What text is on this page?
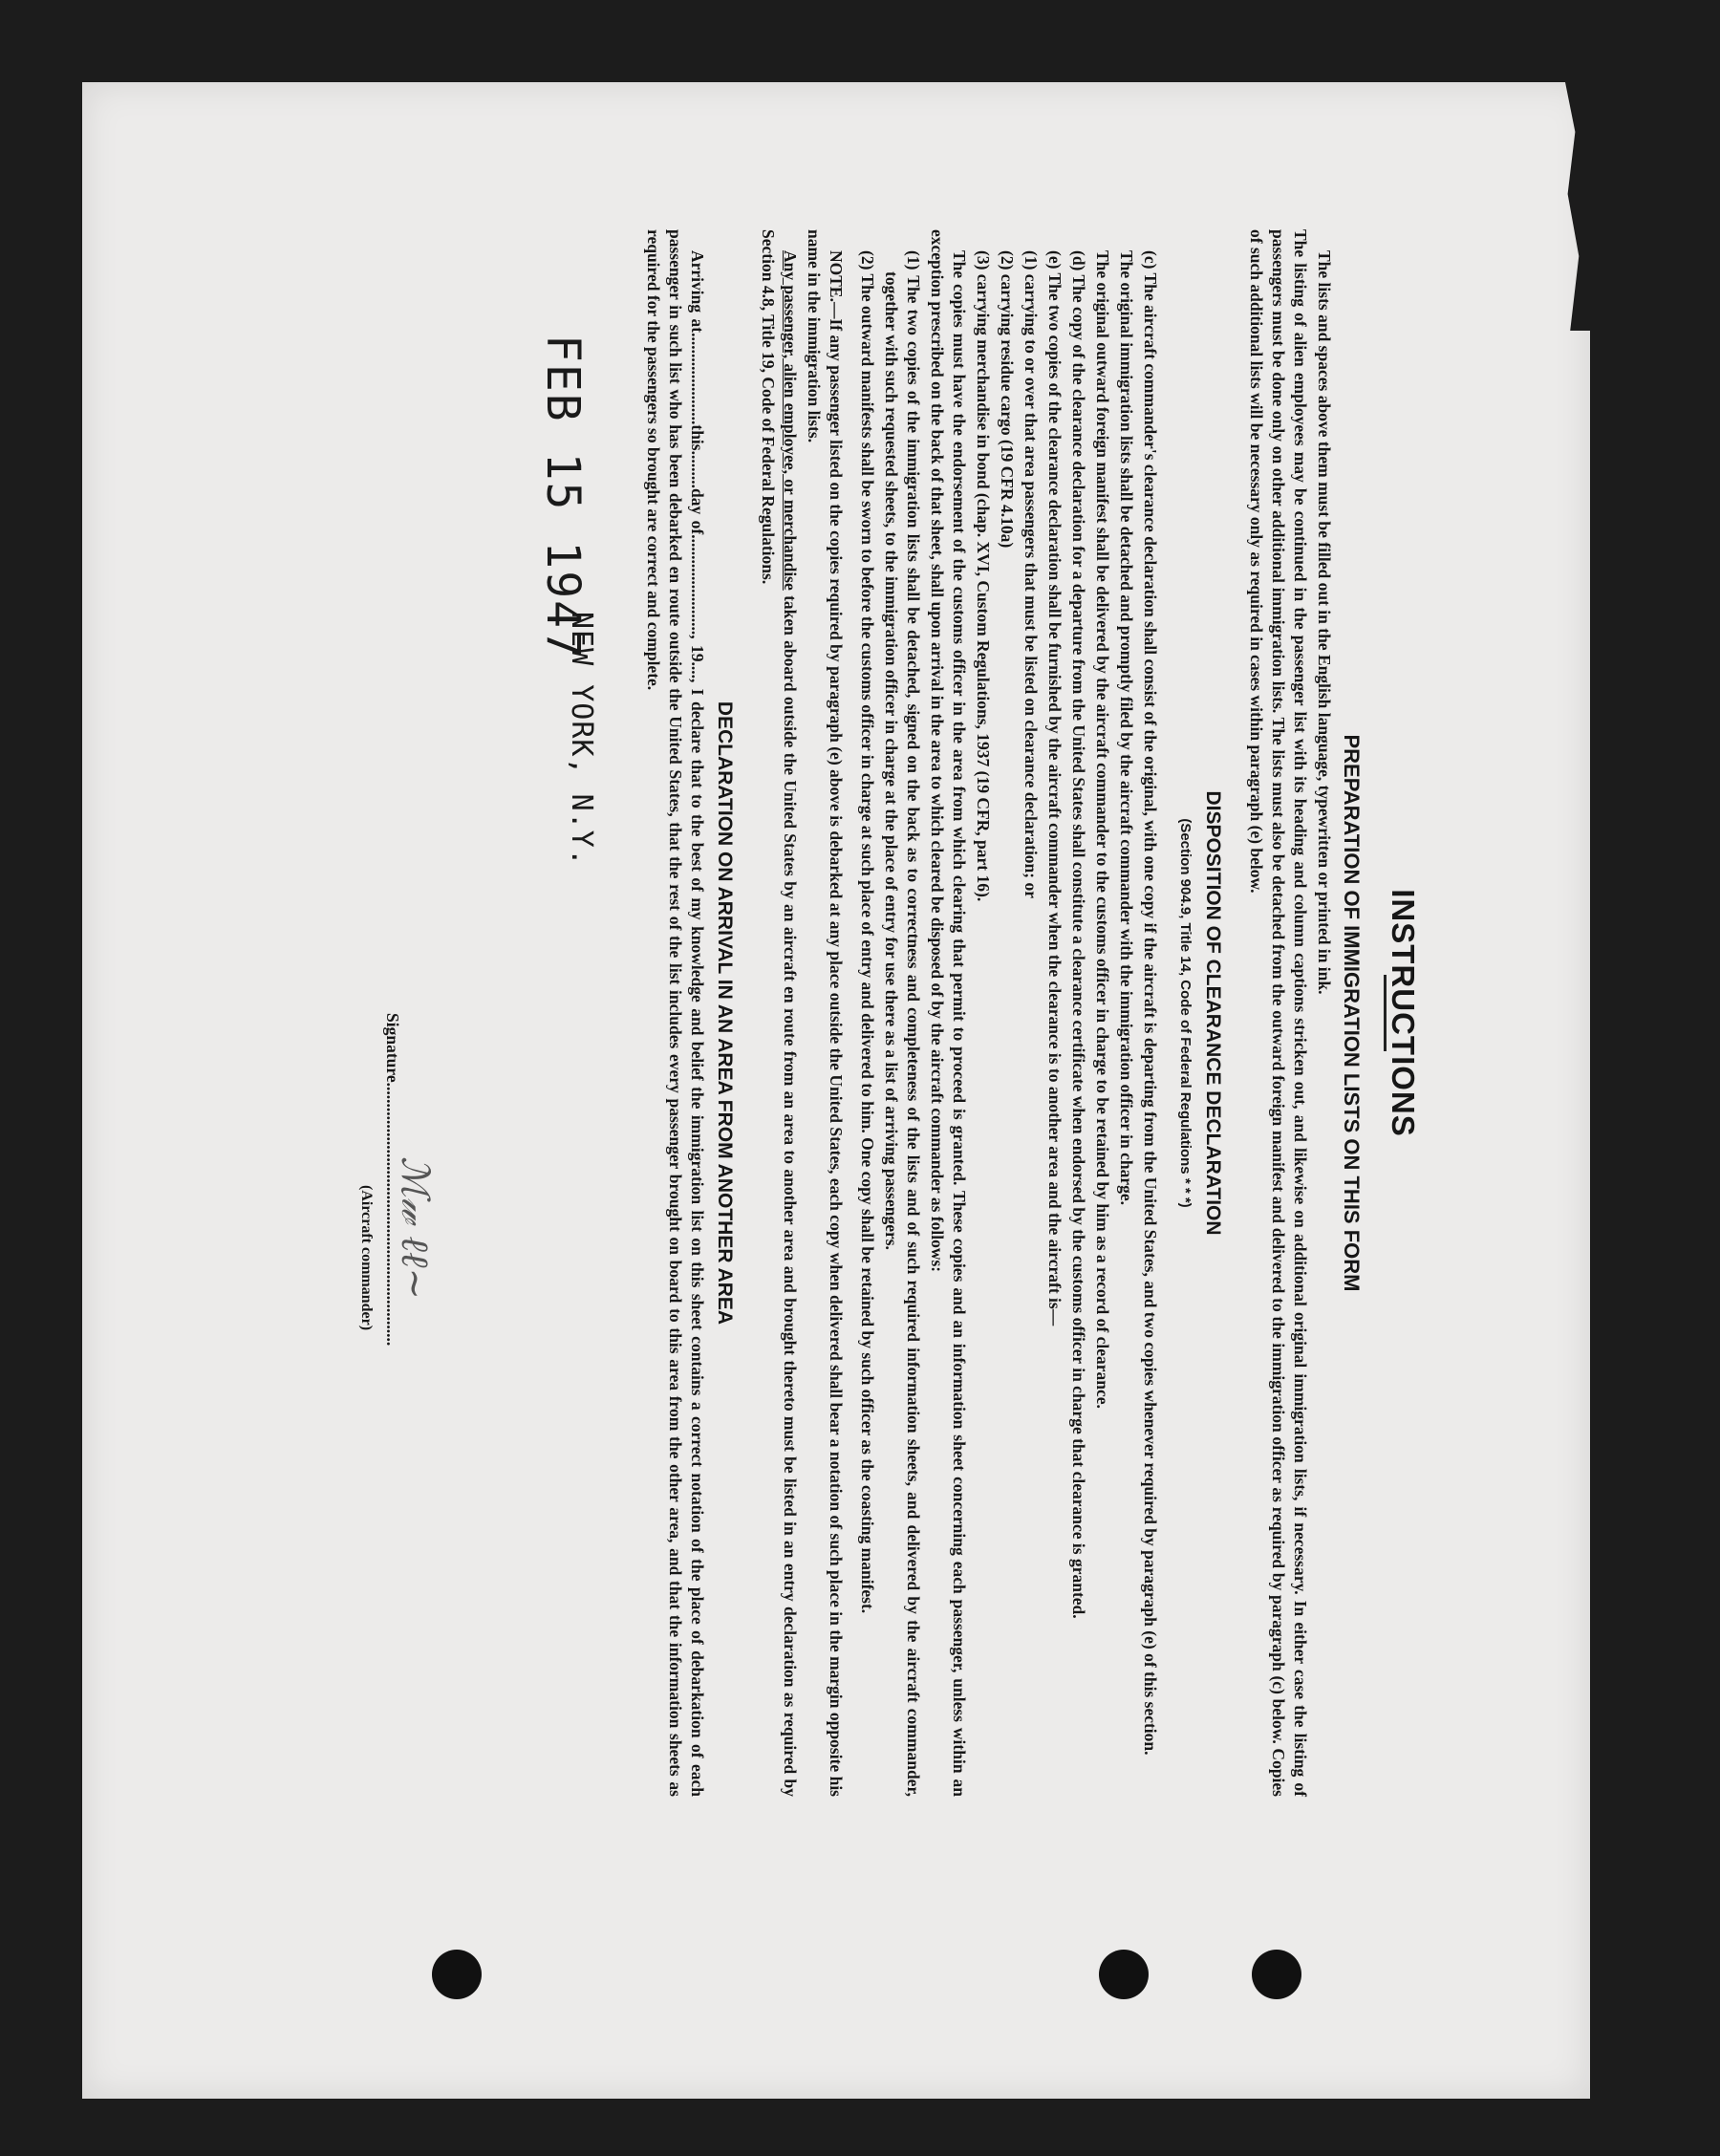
INSTRUCTIONS
PREPARATION OF IMMIGRATION LISTS ON THIS FORM

The lists and spaces above them must be filled out in the English language, typewritten or printed in ink.

The listing of alien employees may be continued in the passenger list with its heading and column captions stricken out, and likewise on additional original immigration lists, if necessary. In either case the listing of passengers must be done only on other additional immigration lists. The lists must also be detached from the outward foreign manifest and delivered to the immigration officer as required by paragraph (c) below. Copies of such additional lists will be necessary only as required in cases within paragraph (e) below.

DISPOSITION OF CLEARANCE DECLARATION
(Section 904.9, Title 14, Code of Federal Regulations * * *)

(c) The aircraft commander's clearance declaration shall consist of the original, with one copy if the aircraft is departing from the United States, and two copies whenever required by paragraph (e) of this section.

The original immigration lists shall be detached and promptly filed by the aircraft commander with the immigration officer in charge.

The original outward foreign manifest shall be delivered by the aircraft commander to the customs officer in charge to be retained by him as a record of clearance.

(d) The copy of the clearance declaration for a departure from the United States shall constitute a clearance certificate when endorsed by the customs officer in charge that clearance is granted.

(e) The two copies of the clearance declaration shall be furnished by the aircraft commander when the clearance is to another area and the aircraft is—

(1) carrying to or over that area passengers that must be listed on clearance declaration; or

(2) carrying residue cargo (19 CFR 4.10a)

(3) carrying merchandise in bond (chap. XVI, Custom Regulations, 1937 (19 CFR, part 16).

The copies must have the endorsement of the customs officer in the area from which clearing that permit to proceed is granted. These copies and an information sheet concerning each passenger, unless within an exception prescribed on the back of that sheet, shall upon arrival in the area to which cleared be disposed of by the aircraft commander as follows:

(1) The two copies of the immigration lists shall be detached, signed on the back as to correctness and completeness of the lists and of such required information sheets, and delivered by the aircraft commander, together with such requested sheets, to the immigration officer in charge at the place of entry for use there as a list of arriving passengers.

(2) The outward manifests shall be sworn to before the customs officer in charge at such place of entry and delivered to him. One copy shall be retained by such officer as the coasting manifest.

NOTE.—If any passenger listed on the copies required by paragraph (e) above is debarked at any place outside the United States, each copy when delivered shall bear a notation of such place in the margin opposite his name in the immigration lists.

Any passenger, alien employee, or merchandise taken aboard outside the United States by an aircraft en route from an area to another area and brought thereto must be listed in an entry declaration as required by Section 4.8, Title 19, Code of Federal Regulations.

DECLARATION ON ARRIVAL IN AN AREA FROM ANOTHER AREA

Arriving at......................this.........day of........................, 19...., I declare that to the best of my knowledge and belief the immigration list on this sheet contains a correct notation of the place of debarkation of each passenger in such list who has been debarked en route outside the United States, that the rest of the list includes every passenger brought on board to this area from the other area, and that the information sheets as required for the passengers so brought are correct and complete.

FEB 15 1947
NEW YORK, N.Y.
Signature...............................................................
(Aircraft commander) ℳ𝓌 ℓℓ~
